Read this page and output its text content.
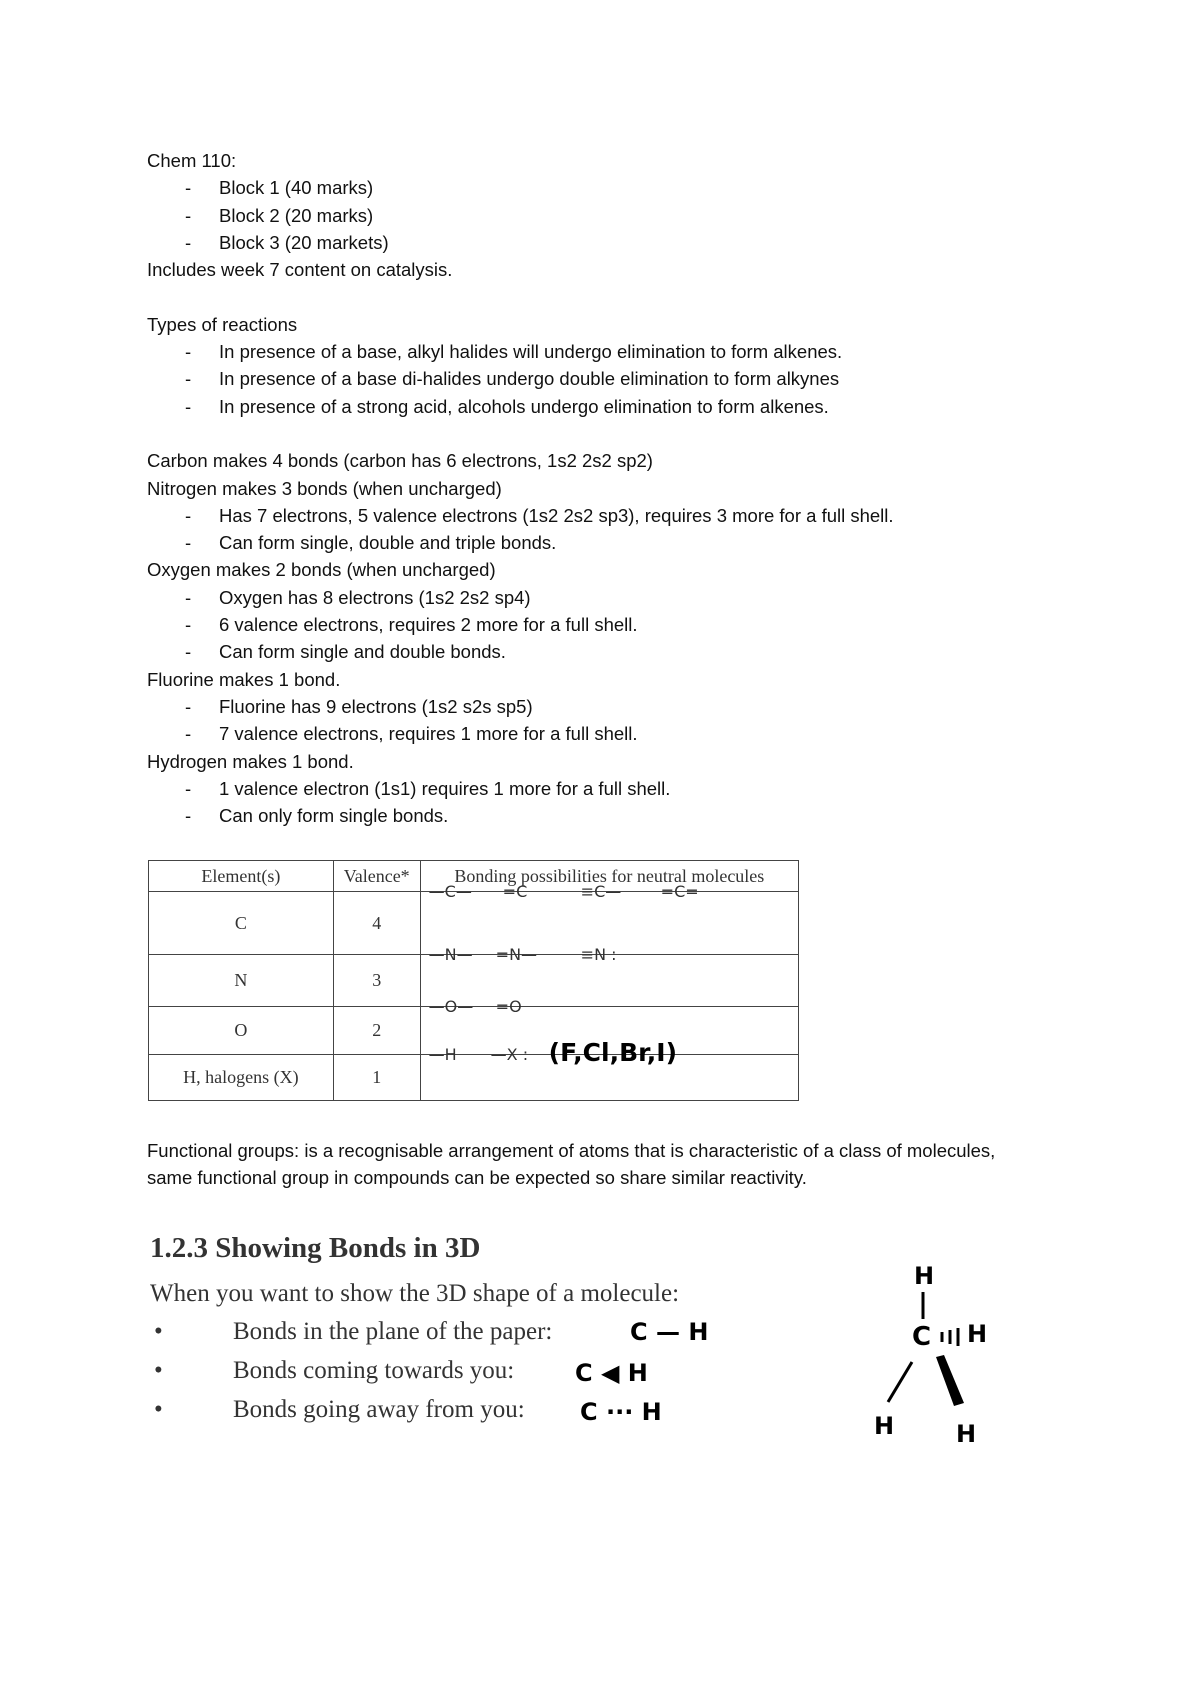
Chem 110:

- Block 1 (40 marks)
- Block 2 (20 marks)
- Block 3 (20 markets)

Includes week 7 content on catalysis.

Types of reactions

- In presence of a base, alkyl halides will undergo elimination to form alkenes.
- In presence of a base di-halides undergo double elimination to form alkynes
- In presence of a strong acid, alcohols undergo elimination to form alkenes.

Carbon makes 4 bonds (carbon has 6 electrons, 1s2 2s2 sp2)

Nitrogen makes 3 bonds (when uncharged)

- Has 7 electrons, 5 valence electrons (1s2 2s2 sp3), requires 3 more for a full shell.
- Can form single, double and triple bonds.

Oxygen makes 2 bonds (when uncharged)

- Oxygen has 8 electrons (1s2 2s2 sp4)
- 6 valence electrons, requires 2 more for a full shell.
- Can form single and double bonds.

Fluorine makes 1 bond.

- Fluorine has 9 electrons (1s2 s2s sp5)
- 7 valence electrons, requires 1 more for a full shell.

Hydrogen makes 1 bond.

- 1 valence electron (1s1) requires 1 more for a full shell.
- Can only form single bonds.
Element(s)	Valence*	Bonding possibilities for neutral molecules
C	4	—C— =C ≡C— =C=

N	3	—N— =N— ≡N :

O	2	—O— =O

H, halogens (X)	1	—H —X : (F,Cl,Br,I)

Functional groups: is a recognisable arrangement of atoms that is characteristic of a class of molecules, same functional group in compounds can be expected so share similar reactivity.

1.2.3 Showing Bonds in 3D
When you want to show the 3D shape of a molecule:
•	Bonds in the plane of the paper:	C — H
•	Bonds coming towards you:	C ◀ H
•	Bonds going away from you: C ··· H
H
C H
H	H
